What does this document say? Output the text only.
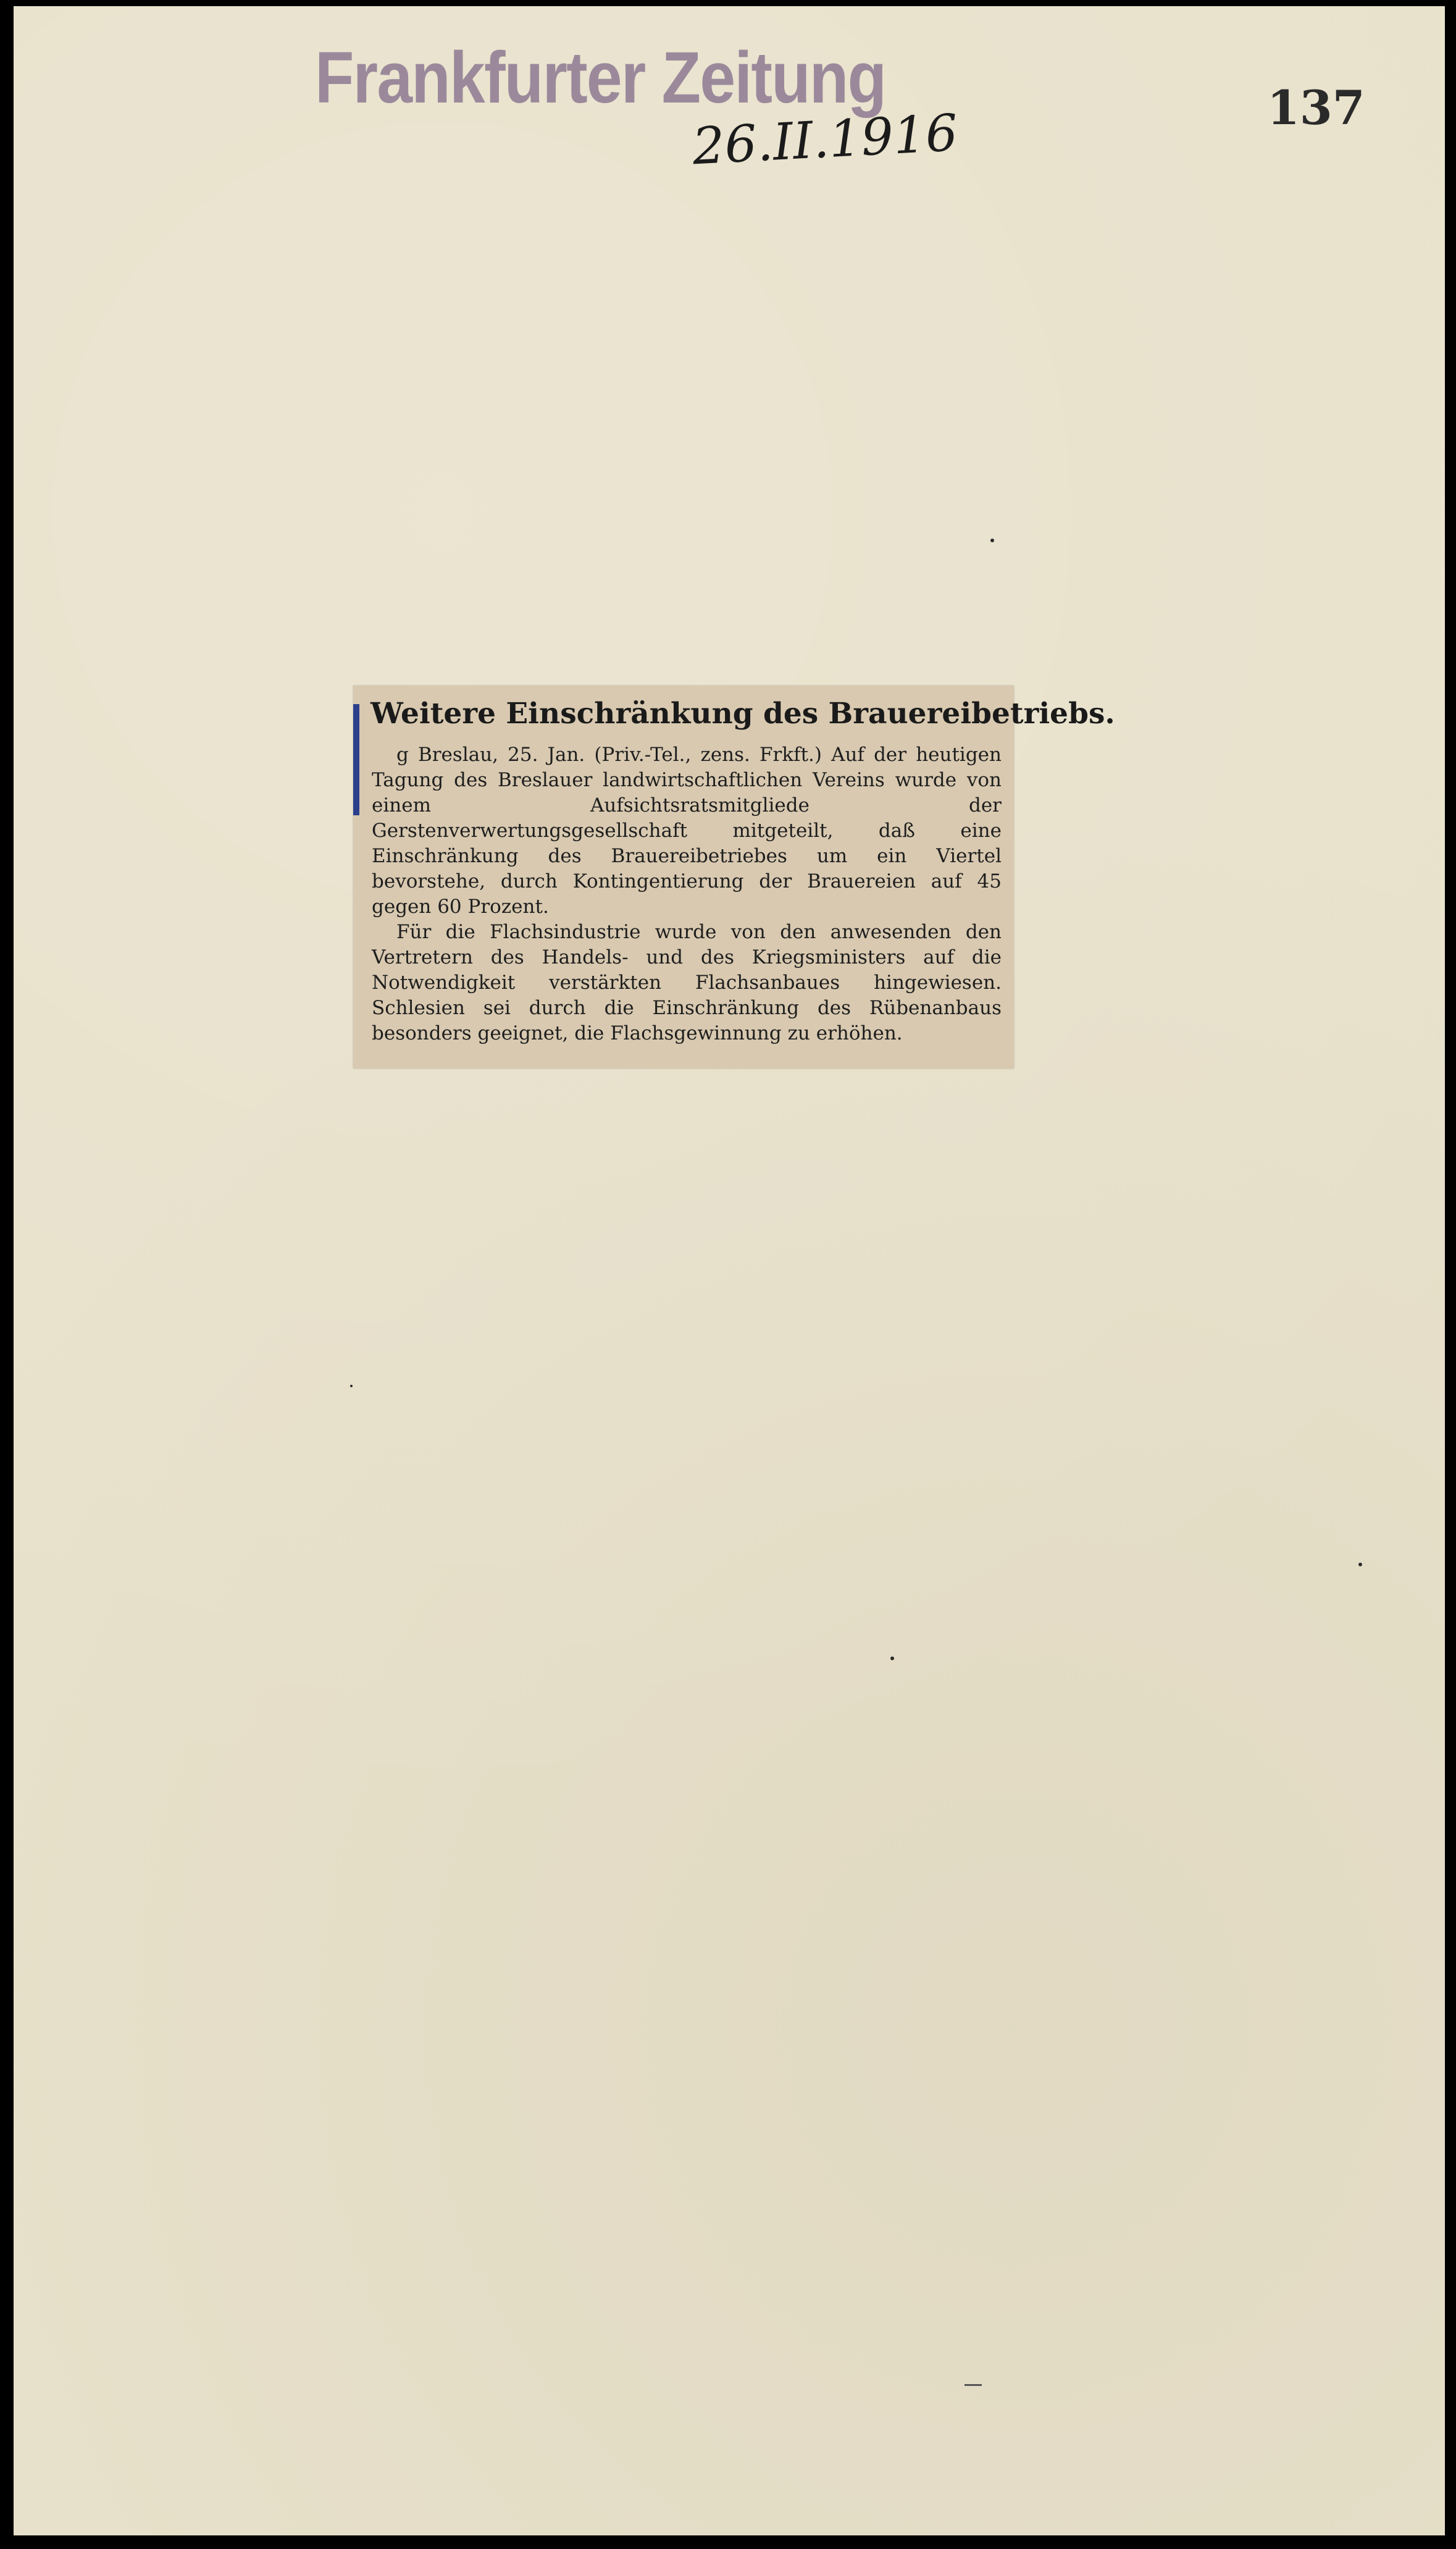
Frankfurter Zeitung
26.II.1916	137
Weitere Einschränkung des Brauereibetriebs.

g Breslau, 25. Jan. (Priv.-Tel., zens. Frkft.) Auf der heutigen Tagung des Breslauer landwirtschaftlichen Vereins wurde von einem Aufsichtsratsmitgliede der Gerstenverwertungsgesellschaft mitgeteilt, daß eine Einschränkung des Brauereibetriebes um ein Viertel bevorstehe, durch Kontingentierung der Brauereien auf 45 gegen 60 Prozent.

Für die Flachsindustrie wurde von den anwesenden den Vertretern des Handels- und des Kriegsministers auf die Notwendigkeit verstärkten Flachsanbaues hingewiesen. Schlesien sei durch die Einschränkung des Rübenanbaus besonders geeignet, die Flachsgewinnung zu erhöhen.
